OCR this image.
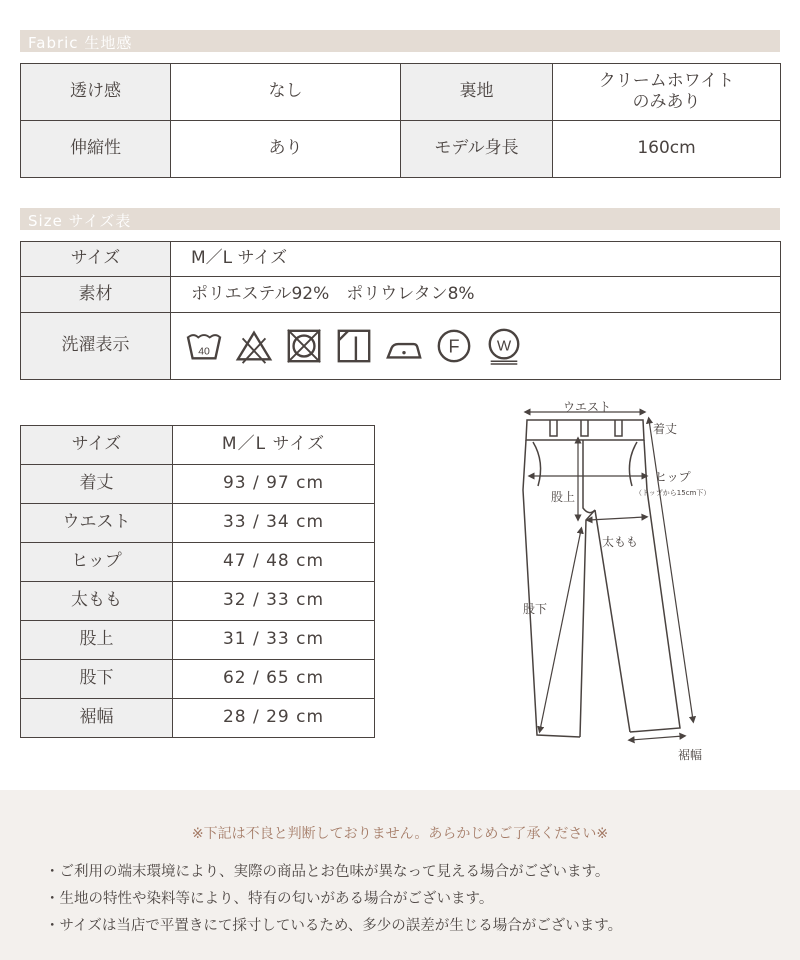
Fabric 生地感
透け感	なし	裏地	クリームホワイト
のみあり
伸縮性	あり	モデル身長	160cm
Size サイズ表
サイズ	M／L サイズ
素材	ポリエステル92%　ポリウレタン8%
洗濯表示	40 F W
サイズ	M／L サイズ
着丈	93 / 97 cm
ウエスト	33 / 34 cm
ヒップ	47 / 48 cm
太もも	32 / 33 cm
股上	31 / 33 cm
股下	62 / 65 cm
裾幅	28 / 29 cm
ウエスト
着丈
ヒップ
（トップから15cm下）
股上
太もも
股下
裾幅
※下記は不良と判断しておりません。あらかじめご了承ください※
・ご利用の端末環境により、実際の商品とお色味が異なって見える場合がございます。
・生地の特性や染料等により、特有の匂いがある場合がございます。
・サイズは当店で平置きにて採寸しているため、多少の誤差が生じる場合がございます。
